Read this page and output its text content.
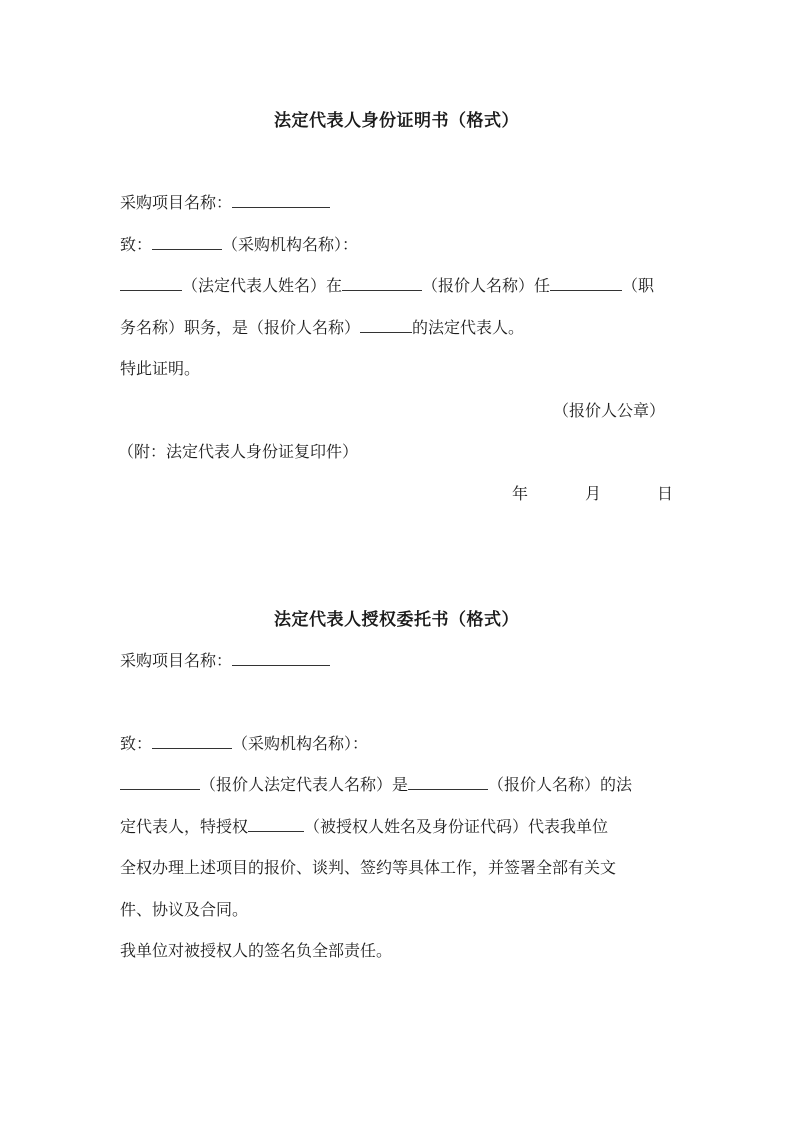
法定代表人身份证明书（格式）
采购项目名称：
致：	（采购机构名称）：
（法定代表人姓名）在	（报价人名称）任	（职
务名称）职务，是（报价人名称）	的法定代表人。
特此证明。
（报价人公章）
（附：法定代表人身份证复印件）
年	月	日
法定代表人授权委托书（格式）
采购项目名称：
致：	（采购机构名称）：
（报价人法定代表人名称）是	（报价人名称）的法
定代表人，特授权	（被授权人姓名及身份证代码）代表我单位
全权办理上述项目的报价、谈判、签约等具体工作，并签署全部有关文
件、协议及合同。
我单位对被授权人的签名负全部责任。
